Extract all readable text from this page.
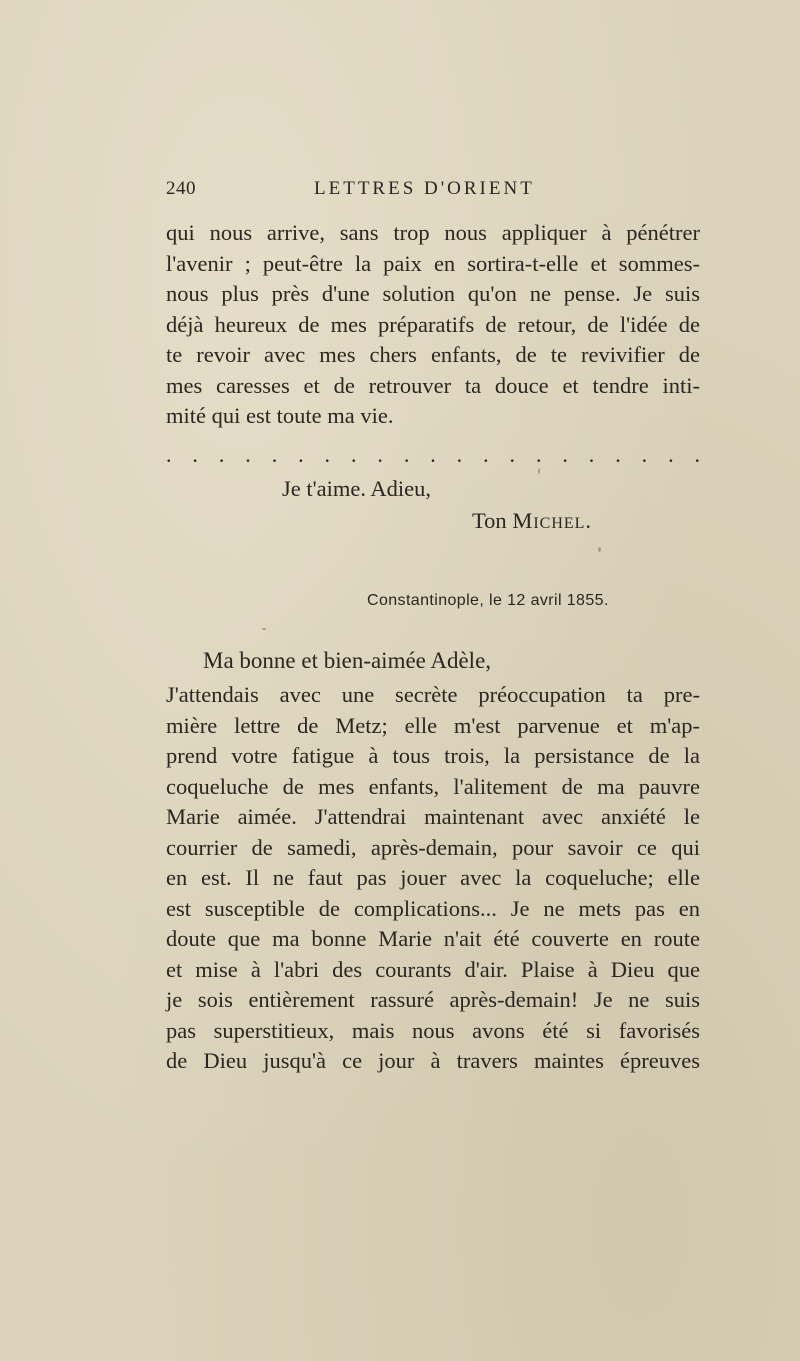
240	LETTRES D'ORIENT
qui nous arrive, sans trop nous appliquer à pénétrer
l'avenir ; peut-être la paix en sortira-t-elle et sommes-
nous plus près d'une solution qu'on ne pense. Je suis
déjà heureux de mes préparatifs de retour, de l'idée de
te revoir avec mes chers enfants, de te revivifier de
mes caresses et de retrouver ta douce et tendre inti-
mité qui est toute ma vie.
. . . . . . . . . . . . . . . . . . . . .
Je t'aime. Adieu,
Ton Michel.
Constantinople, le 12 avril 1855.
Ma bonne et bien-aimée Adèle,
J'attendais avec une secrète préoccupation ta pre-
mière lettre de Metz; elle m'est parvenue et m'ap-
prend votre fatigue à tous trois, la persistance de la
coqueluche de mes enfants, l'alitement de ma pauvre
Marie aimée. J'attendrai maintenant avec anxiété le
courrier de samedi, après-demain, pour savoir ce qui
en est. Il ne faut pas jouer avec la coqueluche; elle
est susceptible de complications... Je ne mets pas en
doute que ma bonne Marie n'ait été couverte en route
et mise à l'abri des courants d'air. Plaise à Dieu que
je sois entièrement rassuré après-demain! Je ne suis
pas superstitieux, mais nous avons été si favorisés
de Dieu jusqu'à ce jour à travers maintes épreuves
